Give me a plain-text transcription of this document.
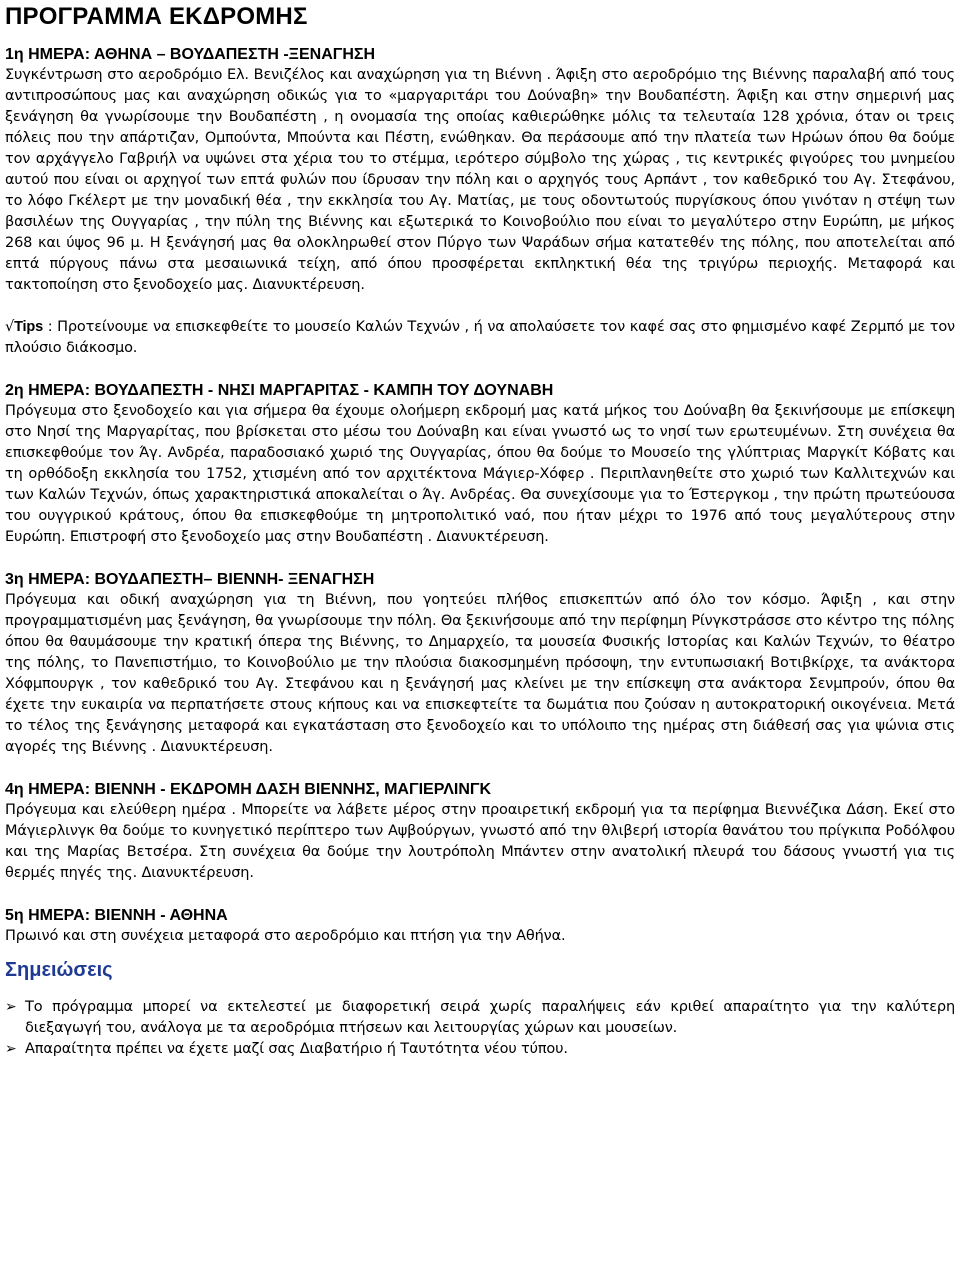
ΠΡΟΓΡΑΜΜΑ ΕΚΔΡΟΜΗΣ
1η ΗΜΕΡΑ: ΑΘΗΝΑ – ΒΟΥΔΑΠΕΣΤΗ -ΞΕΝΑΓΗΣΗ

Συγκέντρωση στο αεροδρόμιο Ελ. Βενιζέλος και αναχώρηση για τη Βιέννη . Άφιξη στο αεροδρόμιο της Βιέννης παραλαβή από τους αντιπροσώπους μας και αναχώρηση οδικώς για το «μαργαριτάρι του Δούναβη» την Βουδαπέστη. Άφιξη και στην σημερινή μας ξενάγηση θα γνωρίσουμε την Βουδαπέστη , η ονομασία της οποίας καθιερώθηκε μόλις τα τελευταία 128 χρόνια, όταν οι τρεις πόλεις που την απάρτιζαν, Ομπούντα, Μπούντα και Πέστη, ενώθηκαν. Θα περάσουμε από την πλατεία των Ηρώων όπου θα δούμε τον αρχάγγελο Γαβριήλ να υψώνει στα χέρια του το στέμμα, ιερότερο σύμβολο της χώρας , τις κεντρικές φιγούρες του μνημείου αυτού που είναι οι αρχηγοί των επτά φυλών που ίδρυσαν την πόλη και ο αρχηγός τους Αρπάντ , τον καθεδρικό του Αγ. Στεφάνου, το λόφο Γκέλερτ με την μοναδική θέα , την εκκλησία του Αγ. Ματίας, με τους οδοντωτούς πυργίσκους όπου γινόταν η στέψη των βασιλέων της Ουγγαρίας , την πύλη της Βιέννης και εξωτερικά το Κοινοβούλιο που είναι το μεγαλύτερο στην Ευρώπη, με μήκος 268 και ύψος 96 μ. Η ξενάγησή μας θα ολοκληρωθεί στον Πύργο των Ψαράδων σήμα κατατεθέν της πόλης, που αποτελείται από επτά πύργους πάνω στα μεσαιωνικά τείχη, από όπου προσφέρεται εκπληκτική θέα της τριγύρω περιοχής. Μεταφορά και τακτοποίηση στο ξενοδοχείο μας. Διανυκτέρευση.

√Tips : Προτείνουμε να επισκεφθείτε το μουσείο Καλών Τεχνών , ή να απολαύσετε τον καφέ σας στο φημισμένο καφέ Ζερμπό με τον πλούσιο διάκοσμο.

2η ΗΜΕΡΑ: ΒΟΥΔΑΠΕΣΤΗ - ΝΗΣΙ ΜΑΡΓΑΡΙΤΑΣ - ΚΑΜΠΗ ΤΟΥ ΔΟΥΝΑΒΗ

Πρόγευμα στο ξενοδοχείο και για σήμερα θα έχουμε ολοήμερη εκδρομή μας κατά μήκος του Δούναβη θα ξεκινήσουμε με επίσκεψη στο Νησί της Μαργαρίτας, που βρίσκεται στο μέσω του Δούναβη και είναι γνωστό ως το νησί των ερωτευμένων. Στη συνέχεια θα επισκεφθούμε τον Άγ. Ανδρέα, παραδοσιακό χωριό της Ουγγαρίας, όπου θα δούμε το Μουσείο της γλύπτριας Μαργκίτ Κόβατς και τη ορθόδοξη εκκλησία του 1752, χτισμένη από τον αρχιτέκτονα Μάγιερ-Χόφερ . Περιπλανηθείτε στο χωριό των Καλλιτεχνών και των Καλών Τεχνών, όπως χαρακτηριστικά αποκαλείται ο Άγ. Ανδρέας. Θα συνεχίσουμε για το Έστεργκομ , την πρώτη πρωτεύουσα του ουγγρικού κράτους, όπου θα επισκεφθούμε τη μητροπολιτικό ναό, που ήταν μέχρι το 1976 από τους μεγαλύτερους στην Ευρώπη. Επιστροφή στο ξενοδοχείο μας στην Βουδαπέστη . Διανυκτέρευση.

3η ΗΜΕΡΑ: ΒΟΥΔΑΠΕΣΤΗ– ΒΙΕΝΝΗ- ΞΕΝΑΓΗΣΗ

Πρόγευμα και οδική αναχώρηση για τη Βιέννη, που γοητεύει πλήθος επισκεπτών από όλο τον κόσμο. Άφιξη , και στην προγραμματισμένη μας ξενάγηση, θα γνωρίσουμε την πόλη. Θα ξεκινήσουμε από την περίφημη Ρίνγκστράσσε στο κέντρο της πόλης όπου θα θαυμάσουμε την κρατική όπερα της Βιέννης, το Δημαρχείο, τα μουσεία Φυσικής Ιστορίας και Καλών Τεχνών, το θέατρο της πόλης, το Πανεπιστήμιο, το Κοινοβούλιο με την πλούσια διακοσμημένη πρόσοψη, την εντυπωσιακή Βοτιβκίρχε, τα ανάκτορα Χόφμπουργκ , τον καθεδρικό του Αγ. Στεφάνου και η ξενάγησή μας κλείνει με την επίσκεψη στα ανάκτορα Σενμπρούν, όπου θα έχετε την ευκαιρία να περπατήσετε στους κήπους και να επισκεφτείτε τα δωμάτια που ζούσαν η αυτοκρατορική οικογένεια. Μετά το τέλος της ξενάγησης μεταφορά και εγκατάσταση στο ξενοδοχείο και το υπόλοιπο της ημέρας στη διάθεσή σας για ψώνια στις αγορές της Βιέννης . Διανυκτέρευση.

4η ΗΜΕΡΑ: ΒΙΕΝΝΗ - ΕΚΔΡΟΜΗ ΔΑΣΗ ΒΙΕΝΝΗΣ, ΜΑΓΙΕΡΛΙΝΓΚ

Πρόγευμα και ελεύθερη ημέρα . Μπορείτε να λάβετε μέρος στην προαιρετική εκδρομή για τα περίφημα Βιεννέζικα Δάση. Εκεί στο Μάγιερλινγκ θα δούμε το κυνηγετικό περίπτερο των Αψβούργων, γνωστό από την θλιβερή ιστορία θανάτου του πρίγκιπα Ροδόλφου και της Μαρίας Βετσέρα. Στη συνέχεια θα δούμε την λουτρόπολη Μπάντεν στην ανατολική πλευρά του δάσους γνωστή για τις θερμές πηγές της. Διανυκτέρευση.

5η ΗΜΕΡΑ: ΒΙΕΝΝΗ - ΑΘΗΝΑ

Πρωινό και στη συνέχεια μεταφορά στο αεροδρόμιο και πτήση για την Αθήνα.

Σημειώσεις
➢ Το πρόγραμμα μπορεί να εκτελεστεί με διαφορετική σειρά χωρίς παραλήψεις εάν κριθεί απαραίτητο για την καλύτερη διεξαγωγή του, ανάλογα με τα αεροδρόμια πτήσεων και λειτουργίας χώρων και μουσείων.
➢ Απαραίτητα πρέπει να έχετε μαζί σας Διαβατήριο ή Ταυτότητα νέου τύπου.
